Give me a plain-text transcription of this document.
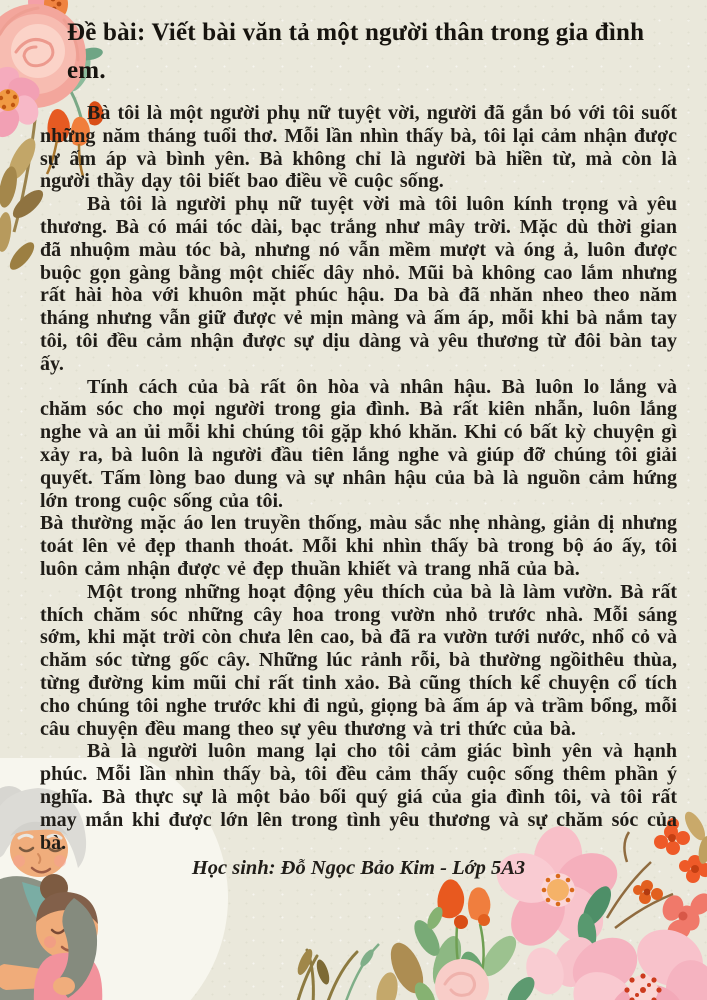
Đề bài: Viết bài văn tả một người thân trong gia đình em.

Bà tôi là một người phụ nữ tuyệt vời, người đã gắn bó với tôi suốt những năm tháng tuổi thơ. Mỗi lần nhìn thấy bà, tôi lại cảm nhận được sự ấm áp và bình yên. Bà không chỉ là người bà hiền từ, mà còn là người thầy dạy tôi biết bao điều về cuộc sống.

Bà tôi là người phụ nữ tuyệt vời mà tôi luôn kính trọng và yêu thương. Bà có mái tóc dài, bạc trắng như mây trời. Mặc dù thời gian đã nhuộm màu tóc bà, nhưng nó vẫn mềm mượt và óng ả, luôn được buộc gọn gàng bằng một chiếc dây nhỏ. Mũi bà không cao lắm nhưng rất hài hòa với khuôn mặt phúc hậu. Da bà đã nhăn nheo theo năm tháng nhưng vẫn giữ được vẻ mịn màng và ấm áp, mỗi khi bà nắm tay tôi, tôi đều cảm nhận được sự dịu dàng và yêu thương từ đôi bàn tay ấy.

Tính cách của bà rất ôn hòa và nhân hậu. Bà luôn lo lắng và chăm sóc cho mọi người trong gia đình. Bà rất kiên nhẫn, luôn lắng nghe và an ủi mỗi khi chúng tôi gặp khó khăn. Khi có bất kỳ chuyện gì xảy ra, bà luôn là người đầu tiên lắng nghe và giúp đỡ chúng tôi giải quyết. Tấm lòng bao dung và sự nhân hậu của bà là nguồn cảm hứng lớn trong cuộc sống của tôi.

Bà thường mặc áo len truyền thống, màu sắc nhẹ nhàng, giản dị nhưng toát lên vẻ đẹp thanh thoát. Mỗi khi nhìn thấy bà trong bộ áo ấy, tôi luôn cảm nhận được vẻ đẹp thuần khiết và trang nhã của bà.

Một trong những hoạt động yêu thích của bà là làm vườn. Bà rất thích chăm sóc những cây hoa trong vườn nhỏ trước nhà. Mỗi sáng sớm, khi mặt trời còn chưa lên cao, bà đã ra vườn tưới nước, nhổ cỏ và chăm sóc từng gốc cây. Những lúc rảnh rỗi, bà thường ngồithêu thùa, từng đường kim mũi chỉ rất tinh xảo. Bà cũng thích kể chuyện cổ tích cho chúng tôi nghe trước khi đi ngủ, giọng bà ấm áp và trầm bổng, mỗi câu chuyện đều mang theo sự yêu thương và tri thức của bà.

Bà là người luôn mang lại cho tôi cảm giác bình yên và hạnh phúc. Mỗi lần nhìn thấy bà, tôi đều cảm thấy cuộc sống thêm phần ý nghĩa. Bà thực sự là một bảo bối quý giá của gia đình tôi, và tôi rất may mắn khi được lớn lên trong tình yêu thương và sự chăm sóc của bà.

Học sinh: Đỗ Ngọc Bảo Kim - Lớp 5A3
